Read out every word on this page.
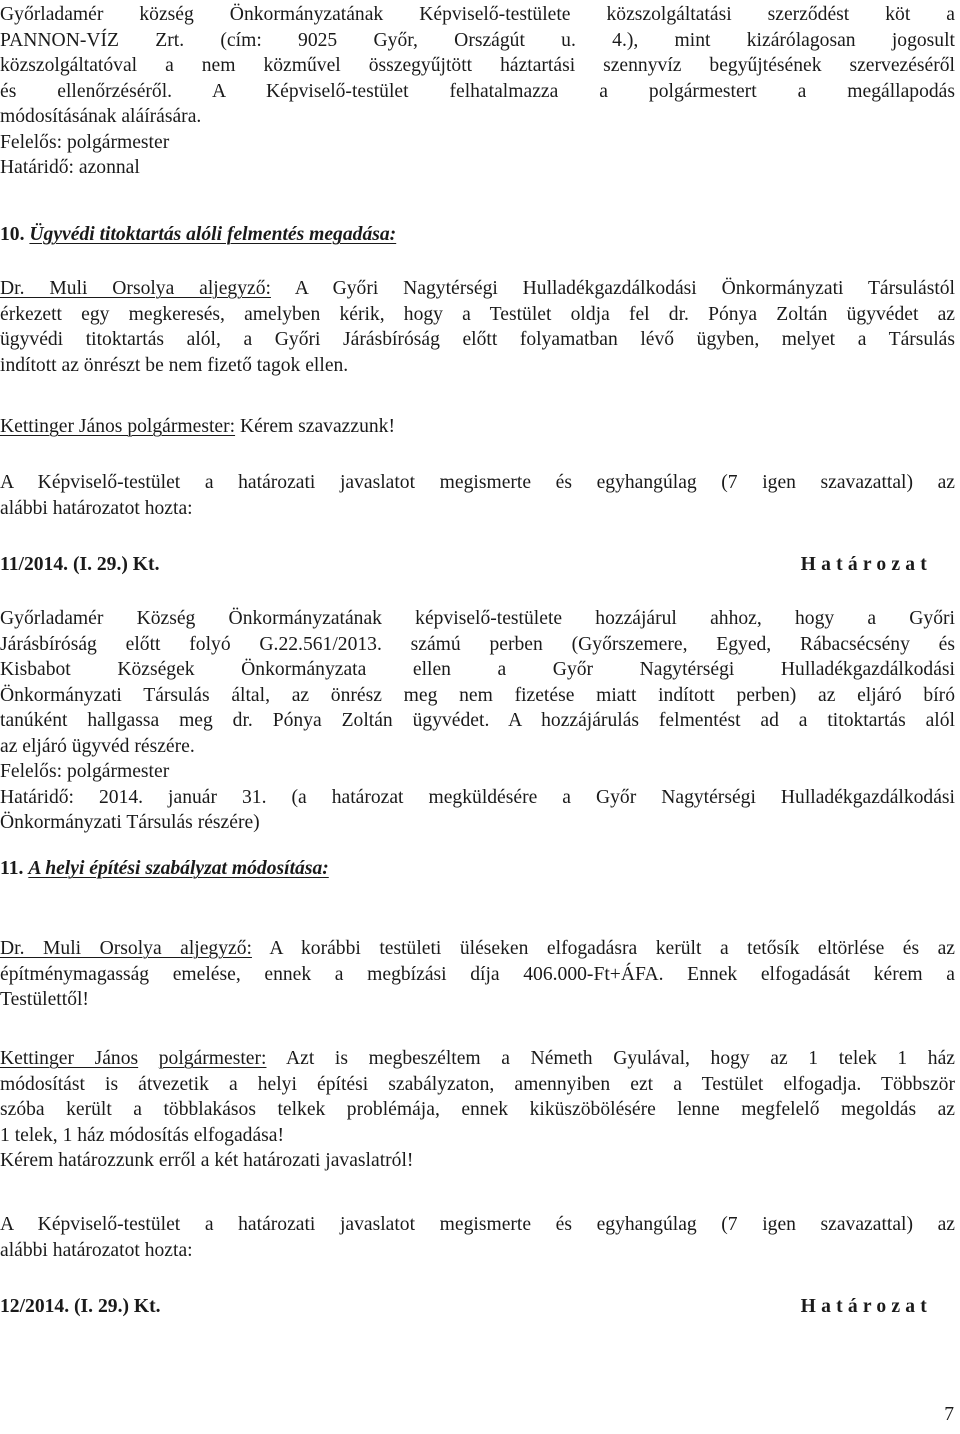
Győrladamér község Önkormányzatának Képviselő-testülete közszolgáltatási szerződést köt a
PANNON-VÍZ Zrt. (cím: 9025 Győr, Országút u. 4.), mint kizárólagosan jogosult
közszolgáltatóval a nem közművel összegyűjtött háztartási szennyvíz begyűjtésének szervezéséről
és ellenőrzéséről. A Képviselő-testület felhatalmazza a polgármestert a megállapodás
módosításának aláírására.
Felelős: polgármester
Határidő: azonnal
10. Ügyvédi titoktartás alóli felmentés megadása:
Dr. Muli Orsolya aljegyző: A Győri Nagytérségi Hulladékgazdálkodási Önkormányzati Társulástól
érkezett egy megkeresés, amelyben kérik, hogy a Testület oldja fel dr. Pónya Zoltán ügyvédet az
ügyvédi titoktartás alól, a Győri Járásbíróság előtt folyamatban lévő ügyben, melyet a Társulás
indított az önrészt be nem fizető tagok ellen.
Kettinger János polgármester: Kérem szavazzunk!
A Képviselő-testület a határozati javaslatot megismerte és egyhangúlag (7 igen szavazattal) az
alábbi határozatot hozta:
11/2014. (I. 29.) Kt.	Határozat
Győrladamér Község Önkormányzatának képviselő-testülete hozzájárul ahhoz, hogy a Győri
Járásbíróság előtt folyó G.22.561/2013. számú perben (Győrszemere, Egyed, Rábacsécsény és
Kisbabot Községek Önkormányzata ellen a Győr Nagytérségi Hulladékgazdálkodási
Önkormányzati Társulás által, az önrész meg nem fizetése miatt indított perben) az eljáró bíró
tanúként hallgassa meg dr. Pónya Zoltán ügyvédet. A hozzájárulás felmentést ad a titoktartás alól
az eljáró ügyvéd részére.
Felelős: polgármester
Határidő: 2014. január 31. (a határozat megküldésére a Győr Nagytérségi Hulladékgazdálkodási
Önkormányzati Társulás részére)
11. A helyi építési szabályzat módosítása:
Dr. Muli Orsolya aljegyző: A korábbi testületi üléseken elfogadásra került a tetősík eltörlése és az
építménymagasság emelése, ennek a megbízási díja 406.000-Ft+ÁFA. Ennek elfogadását kérem a
Testülettől!
Kettinger János polgármester: Azt is megbeszéltem a Németh Gyulával, hogy az 1 telek 1 ház
módosítást is átvezetik a helyi építési szabályzaton, amennyiben ezt a Testület elfogadja. Többször
szóba került a többlakásos telkek problémája, ennek kiküszöbölésére lenne megfelelő megoldás az
1 telek, 1 ház módosítás elfogadása!
Kérem határozzunk erről a két határozati javaslatról!
A Képviselő-testület a határozati javaslatot megismerte és egyhangúlag (7 igen szavazattal) az
alábbi határozatot hozta:
12/2014. (I. 29.) Kt.	Határozat
7
